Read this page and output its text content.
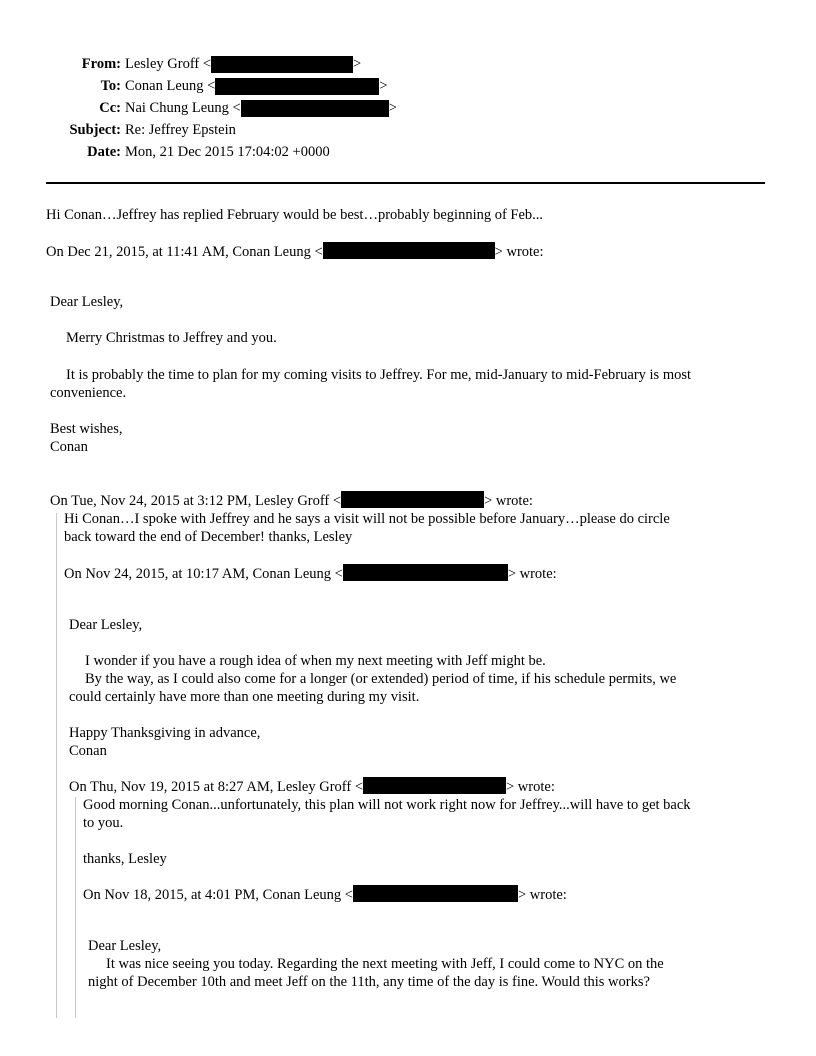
From: Lesley Groff <	>
To: Conan Leung <	>
Cc: Nai Chung Leung <	>
Subject: Re: Jeffrey Epstein
Date: Mon, 21 Dec 2015 17:04:02 +0000
Hi Conan…Jeffrey has replied February would be best…probably beginning of Feb...
On Dec 21, 2015, at 11:41 AM, Conan Leung <	> wrote:
Dear Lesley,
Merry Christmas to Jeffrey and you.
It is probably the time to plan for my coming visits to Jeffrey. For me, mid-January to mid-February is most
convenience.
Best wishes,
Conan
On Tue, Nov 24, 2015 at 3:12 PM, Lesley Groff <	> wrote:
Hi Conan…I spoke with Jeffrey and he says a visit will not be possible before January…please do circle
back toward the end of December! thanks, Lesley
On Nov 24, 2015, at 10:17 AM, Conan Leung <	> wrote:
Dear Lesley,
I wonder if you have a rough idea of when my next meeting with Jeff might be.
By the way, as I could also come for a longer (or extended) period of time, if his schedule permits, we
could certainly have more than one meeting during my visit.
Happy Thanksgiving in advance,
Conan
On Thu, Nov 19, 2015 at 8:27 AM, Lesley Groff <	> wrote:
Good morning Conan...unfortunately, this plan will not work right now for Jeffrey...will have to get back
to you.
thanks, Lesley
On Nov 18, 2015, at 4:01 PM, Conan Leung <	> wrote:
Dear Lesley,
It was nice seeing you today. Regarding the next meeting with Jeff, I could come to NYC on the
night of December 10th and meet Jeff on the 11th, any time of the day is fine. Would this works?
